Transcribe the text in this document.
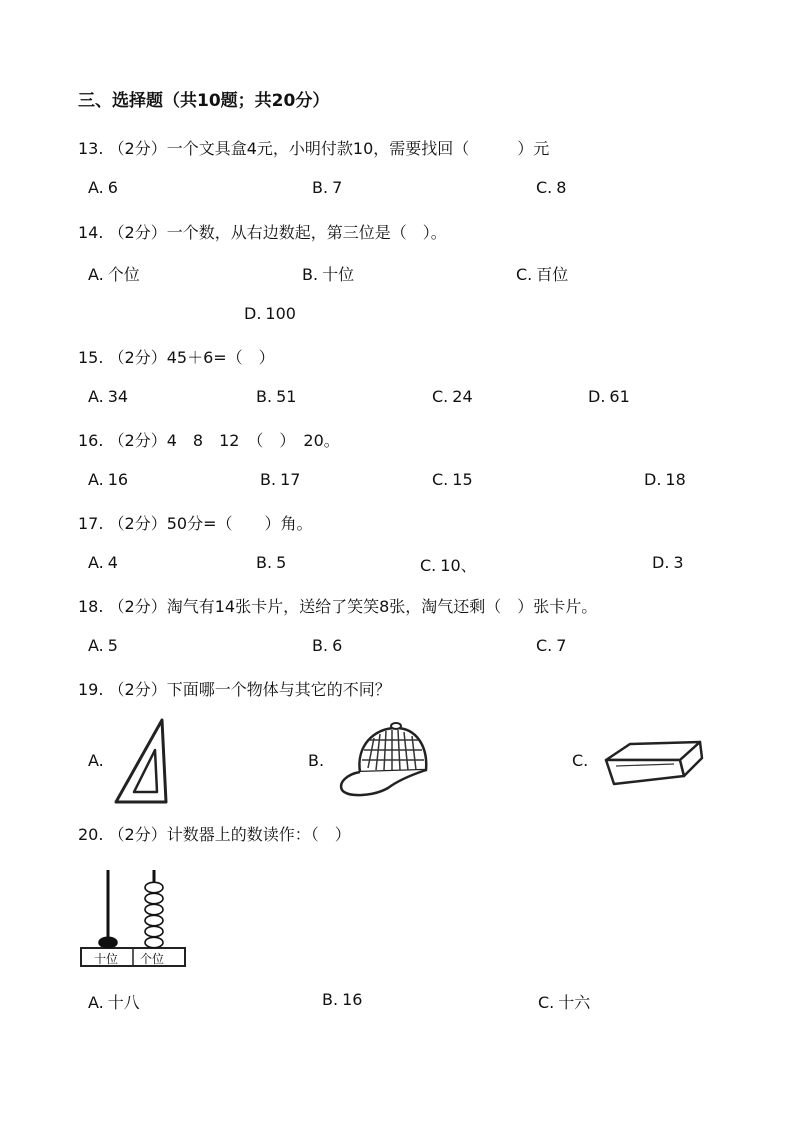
三、选择题（共10题；共20分）
13. （2分）一个文具盒4元，小明付款10，需要找回（　　　）元
A. 6	B. 7	C. 8
14. （2分）一个数，从右边数起，第三位是（　）。
A. 个位	B. 十位	C. 百位
D. 100
15. （2分）45＋6=（　）
A. 34	B. 51	C. 24	D. 61
16. （2分）4　8　12　（　）　20。
A. 16	B. 17	C. 15	D. 18
17. （2分）50分=（　　）角。
A. 4	B. 5	C. 10、	D. 3
18. （2分）淘气有14张卡片，送给了笑笑8张，淘气还剩（　）张卡片。
A. 5	B. 6	C. 7
19. （2分）下面哪一个物体与其它的不同？
A.	B.	C.
20. （2分）计数器上的数读作：（　）
十位 个位
A. 十八	B. 16	C. 十六
